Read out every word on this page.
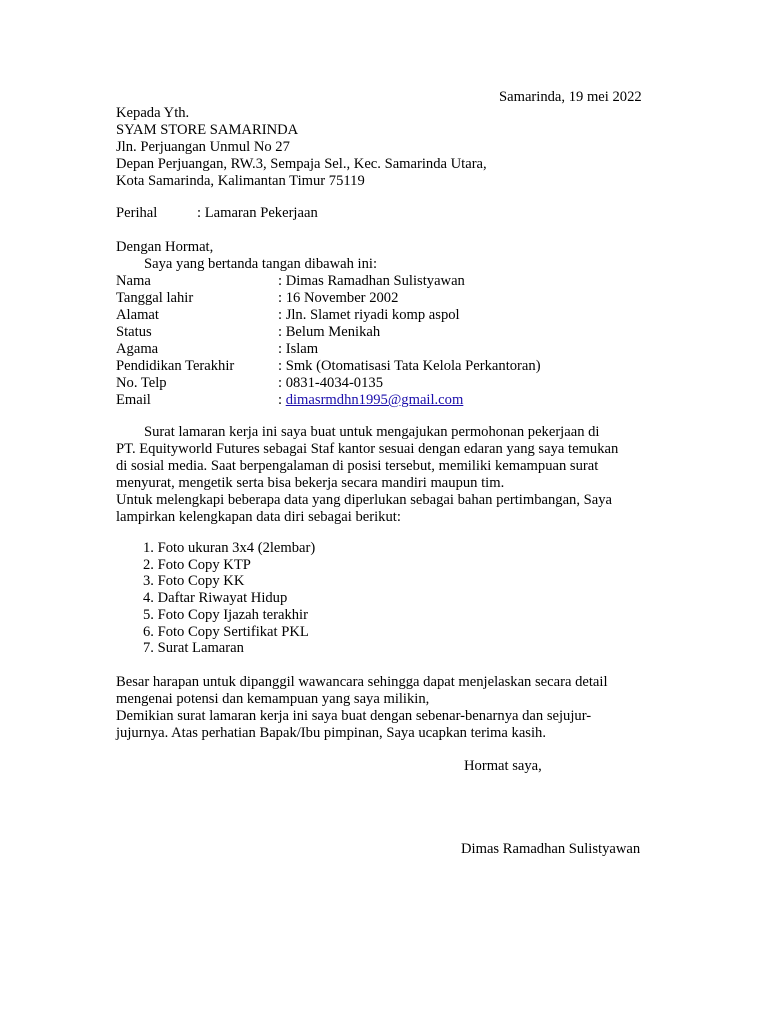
Samarinda, 19 mei 2022
Kepada Yth.
SYAM STORE SAMARINDA
Jln. Perjuangan Unmul No 27
Depan Perjuangan, RW.3, Sempaja Sel., Kec. Samarinda Utara,
Kota Samarinda, Kalimantan Timur 75119
Perihal	: Lamaran Pekerjaan
Dengan Hormat,
Saya yang bertanda tangan dibawah ini:
Nama	: Dimas Ramadhan Sulistyawan
Tanggal lahir	: 16 November 2002
Alamat	: Jln. Slamet riyadi komp aspol
Status	: Belum Menikah
Agama	: Islam
Pendidikan Terakhir	: Smk (Otomatisasi Tata Kelola Perkantoran)
No. Telp	: 0831-4034-0135
Email	: dimasrmdhn1995@gmail.com
Surat lamaran kerja ini saya buat untuk mengajukan permohonan pekerjaan di
PT. Equityworld Futures sebagai Staf kantor sesuai dengan edaran yang saya temukan
di sosial media. Saat berpengalaman di posisi tersebut, memiliki kemampuan surat
menyurat, mengetik serta bisa bekerja secara mandiri maupun tim.
Untuk melengkapi beberapa data yang diperlukan sebagai bahan pertimbangan, Saya
lampirkan kelengkapan data diri sebagai berikut:
1. Foto ukuran 3x4 (2lembar)
2. Foto Copy KTP
3. Foto Copy KK
4. Daftar Riwayat Hidup
5. Foto Copy Ijazah terakhir
6. Foto Copy Sertifikat PKL
7. Surat Lamaran
Besar harapan untuk dipanggil wawancara sehingga dapat menjelaskan secara detail
mengenai potensi dan kemampuan yang saya milikin,
Demikian surat lamaran kerja ini saya buat dengan sebenar-benarnya dan sejujur-
jujurnya. Atas perhatian Bapak/Ibu pimpinan, Saya ucapkan terima kasih.
Hormat saya,
Dimas Ramadhan Sulistyawan
